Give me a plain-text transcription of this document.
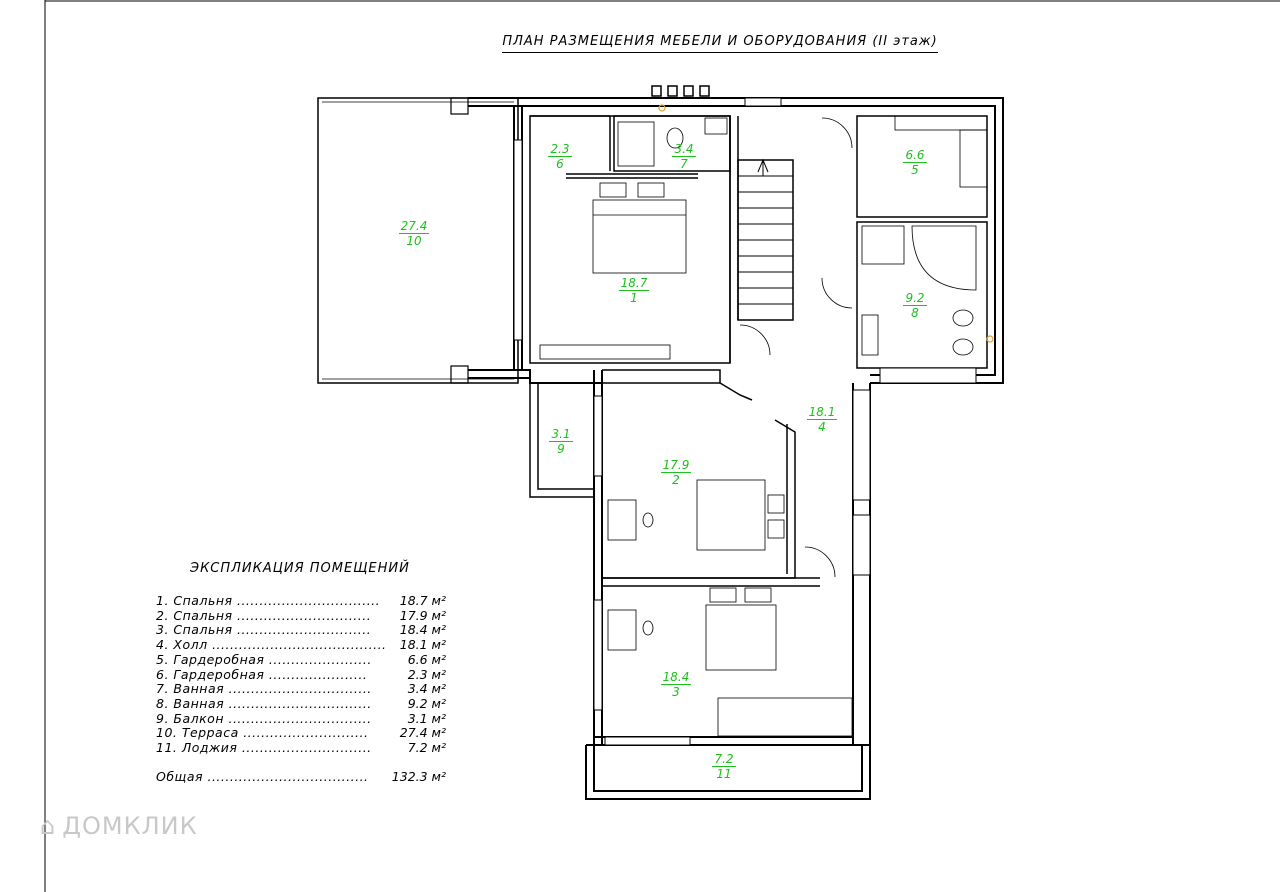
ПЛАН РАЗМЕЩЕНИЯ МЕБЕЛИ И ОБОРУДОВАНИЯ (II этаж)
27.4
10
2.3
6
3.4
7
18.7
1
6.6
5
9.2
8
3.1
9
17.9
2
18.1
4
18.4
3
7.2
11
ЭКСПЛИКАЦИЯ ПОМЕЩЕНИЙ
1. Спальня ................................ 18.7 м²
2. Спальня .............................. 17.9 м²
3. Спальня .............................. 18.4 м²
4. Холл ....................................... 18.1 м²
5. Гардеробная .......................	6.6 м²
6. Гардеробная ......................	2.3 м²
7. Ванная ................................	3.4 м²
8. Ванная ................................	9.2 м²
9. Балкон ................................	3.1 м²
10. Терраса ............................	27.4 м²
11. Лоджия .............................	7.2 м²
Общая .................................... 132.3 м²
⌂ ДОМКЛИК
